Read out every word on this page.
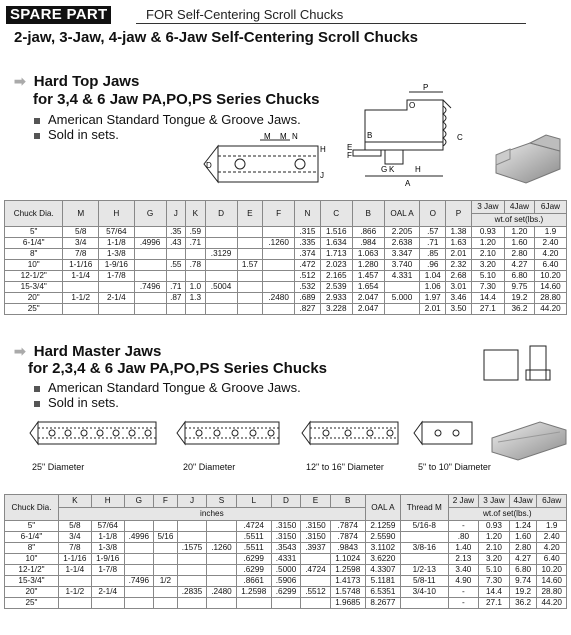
SPARE PART	FOR Self-Centering Scroll Chucks
2-jaw, 3-Jaw, 4-jaw & 6-Jaw Self-Centering Scroll Chucks
➡ Hard Top Jaws
for 3,4 & 6 Jaw PA,PO,PS Series Chucks
American Standard Tongue & Groove Jaws.
Sold in sets.	M M N
D
H
J
P
O
C
B
E
F
K
G	H
A
Chuck Dia.	M	H	G	J	K	D	E	F	N	C	B	OAL A	O	P	3 Jaw	4Jaw	6Jaw
															wt.of set(lbs.)		
5"	5/8	57/64		.35	.59				.315	1.516	.866	2.205	.57	1.38	0.93	1.20	1.9
6-1/4"	3/4	1-1/8	.4996	.43	.71			.1260	.335	1.634	.984	2.638	.71	1.63	1.20	1.60	2.40
8"	7/8	1-3/8				.3129			.374	1.713	1.063	3.347	.85	2.01	2.10	2.80	4.20
10"	1-1/16	1-9/16		.55	.78		1.57		.472	2.023	1.280	3.740	.96	2.32	3.20	4.27	6.40
12-1/2"	1-1/4	1-7/8							.512	2.165	1.457	4.331	1.04	2.68	5.10	6.80	10.20
15-3/4"			.7496	.71	1.0	.5004			.532	2.539	1.654		1.06	3.01	7.30	9.75	14.60
20"	1-1/2	2-1/4		.87	1.3			.2480	.689	2.933	2.047	5.000	1.97	3.46	14.4	19.2	28.80
25"									.827	3.228	2.047		2.01	3.50	27.1	36.2	44.20
➡ Hard Master Jaws
for 2,3,4 & 6 Jaw PA,PO,PS Series Chucks
American Standard Tongue & Groove Jaws.
Sold in sets.
25" Diameter	20" Diameter	12" to 16" Diameter	5" to 10" Diameter
Chuck Dia.	K	H	G	F	J	S	L	D	E	B	OAL A	Thread M	2 Jaw	3 Jaw	4Jaw	6Jaw
	inches												wt.of set(lbs.)			
5"	5/8	57/64					.4724	.3150	.3150	.7874	2.1259	5/16-8	-	0.93	1.24	1.9
6-1/4"	3/4	1-1/8	.4996	5/16			.5511	.3150	.3150	.7874	2.5590		.80	1.20	1.60	2.40
8"	7/8	1-3/8			.1575	.1260	.5511	.3543	.3937	.9843	3.1102	3/8-16	1.40	2.10	2.80	4.20
10"	1-1/16	1-9/16					.6299	.4331		1.1024	3.6220		2.13	3.20	4.27	6.40
12-1/2"	1-1/4	1-7/8					.6299	.5000	.4724	1.2598	4.3307	1/2-13	3.40	5.10	6.80	10.20
15-3/4"			.7496	1/2			.8661	.5906		1.4173	5.1181	5/8-11	4.90	7.30	9.74	14.60
20"	1-1/2	2-1/4			.2835	.2480	1.2598	.6299	.5512	1.5748	6.5351	3/4-10	-	14.4	19.2	28.80
25"										1.9685	8.2677		-	27.1	36.2	44.20
